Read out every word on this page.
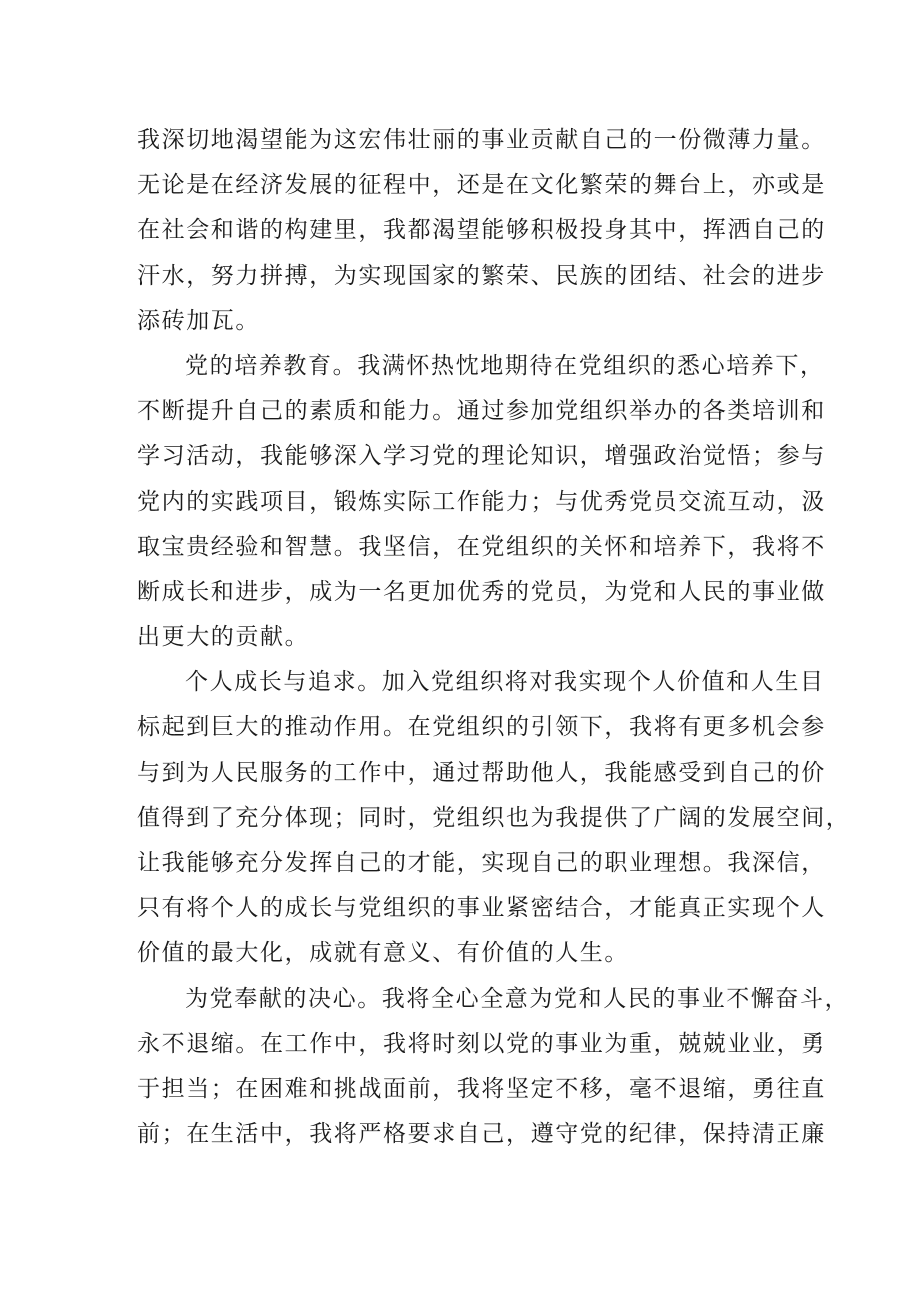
我深切地渴望能为这宏伟壮丽的事业贡献自己的一份微薄力量。
无论是在经济发展的征程中，还是在文化繁荣的舞台上，亦或是
在社会和谐的构建里，我都渴望能够积极投身其中，挥洒自己的
汗水，努力拼搏，为实现国家的繁荣、民族的团结、社会的进步
添砖加瓦。
党的培养教育。我满怀热忱地期待在党组织的悉心培养下，
不断提升自己的素质和能力。通过参加党组织举办的各类培训和
学习活动，我能够深入学习党的理论知识，增强政治觉悟；参与
党内的实践项目，锻炼实际工作能力；与优秀党员交流互动，汲
取宝贵经验和智慧。我坚信，在党组织的关怀和培养下，我将不
断成长和进步，成为一名更加优秀的党员，为党和人民的事业做
出更大的贡献。
个人成长与追求。加入党组织将对我实现个人价值和人生目
标起到巨大的推动作用。在党组织的引领下，我将有更多机会参
与到为人民服务的工作中，通过帮助他人，我能感受到自己的价
值得到了充分体现；同时，党组织也为我提供了广阔的发展空间，
让我能够充分发挥自己的才能，实现自己的职业理想。我深信，
只有将个人的成长与党组织的事业紧密结合，才能真正实现个人
价值的最大化，成就有意义、有价值的人生。
为党奉献的决心。我将全心全意为党和人民的事业不懈奋斗，
永不退缩。在工作中，我将时刻以党的事业为重，兢兢业业，勇
于担当；在困难和挑战面前，我将坚定不移，毫不退缩，勇往直
前；在生活中，我将严格要求自己，遵守党的纪律，保持清正廉
